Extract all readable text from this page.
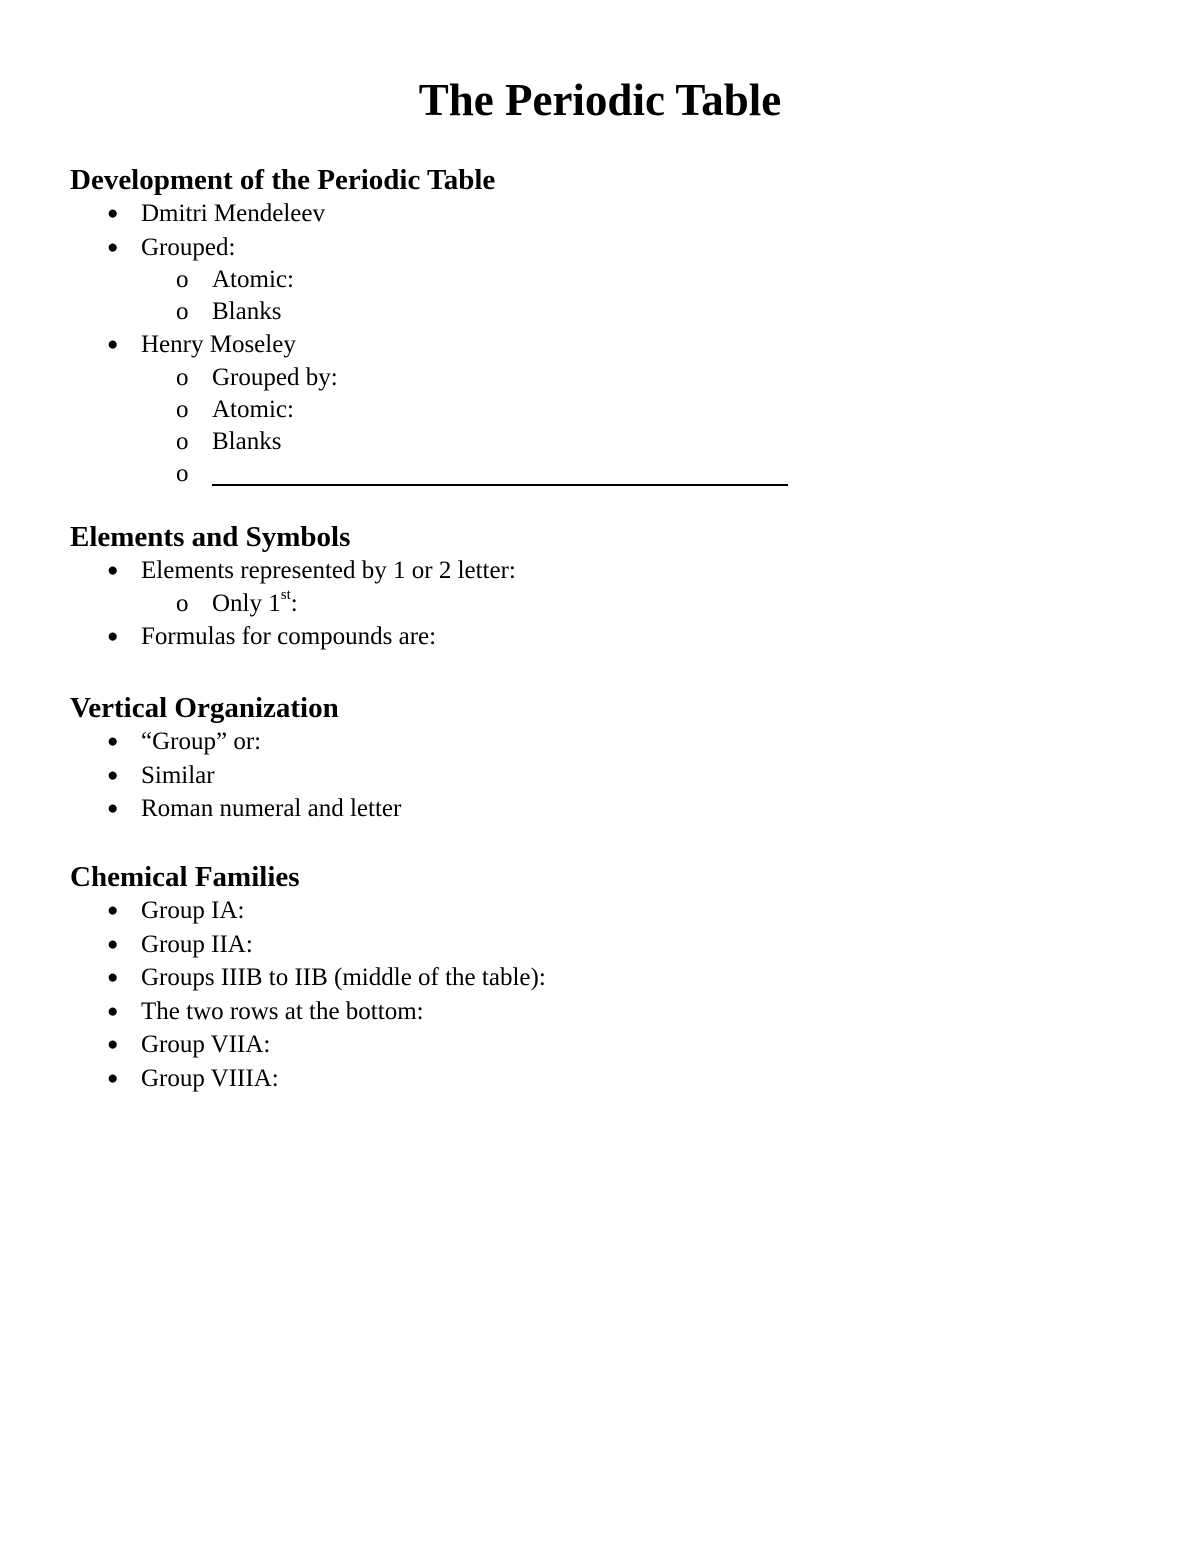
The Periodic Table
Development of the Periodic Table
● Dmitri Mendeleev
● Grouped:
o Atomic:
o Blanks
● Henry Moseley
o Grouped by:
o Atomic:
o Blanks
o
Elements and Symbols
● Elements represented by 1 or 2 letter:
o Only 1st:
● Formulas for compounds are:
Vertical Organization
● “Group” or:
● Similar
● Roman numeral and letter
Chemical Families
● Group IA:
● Group IIA:
● Groups IIIB to IIB (middle of the table):
● The two rows at the bottom:
● Group VIIA:
● Group VIIIA:
